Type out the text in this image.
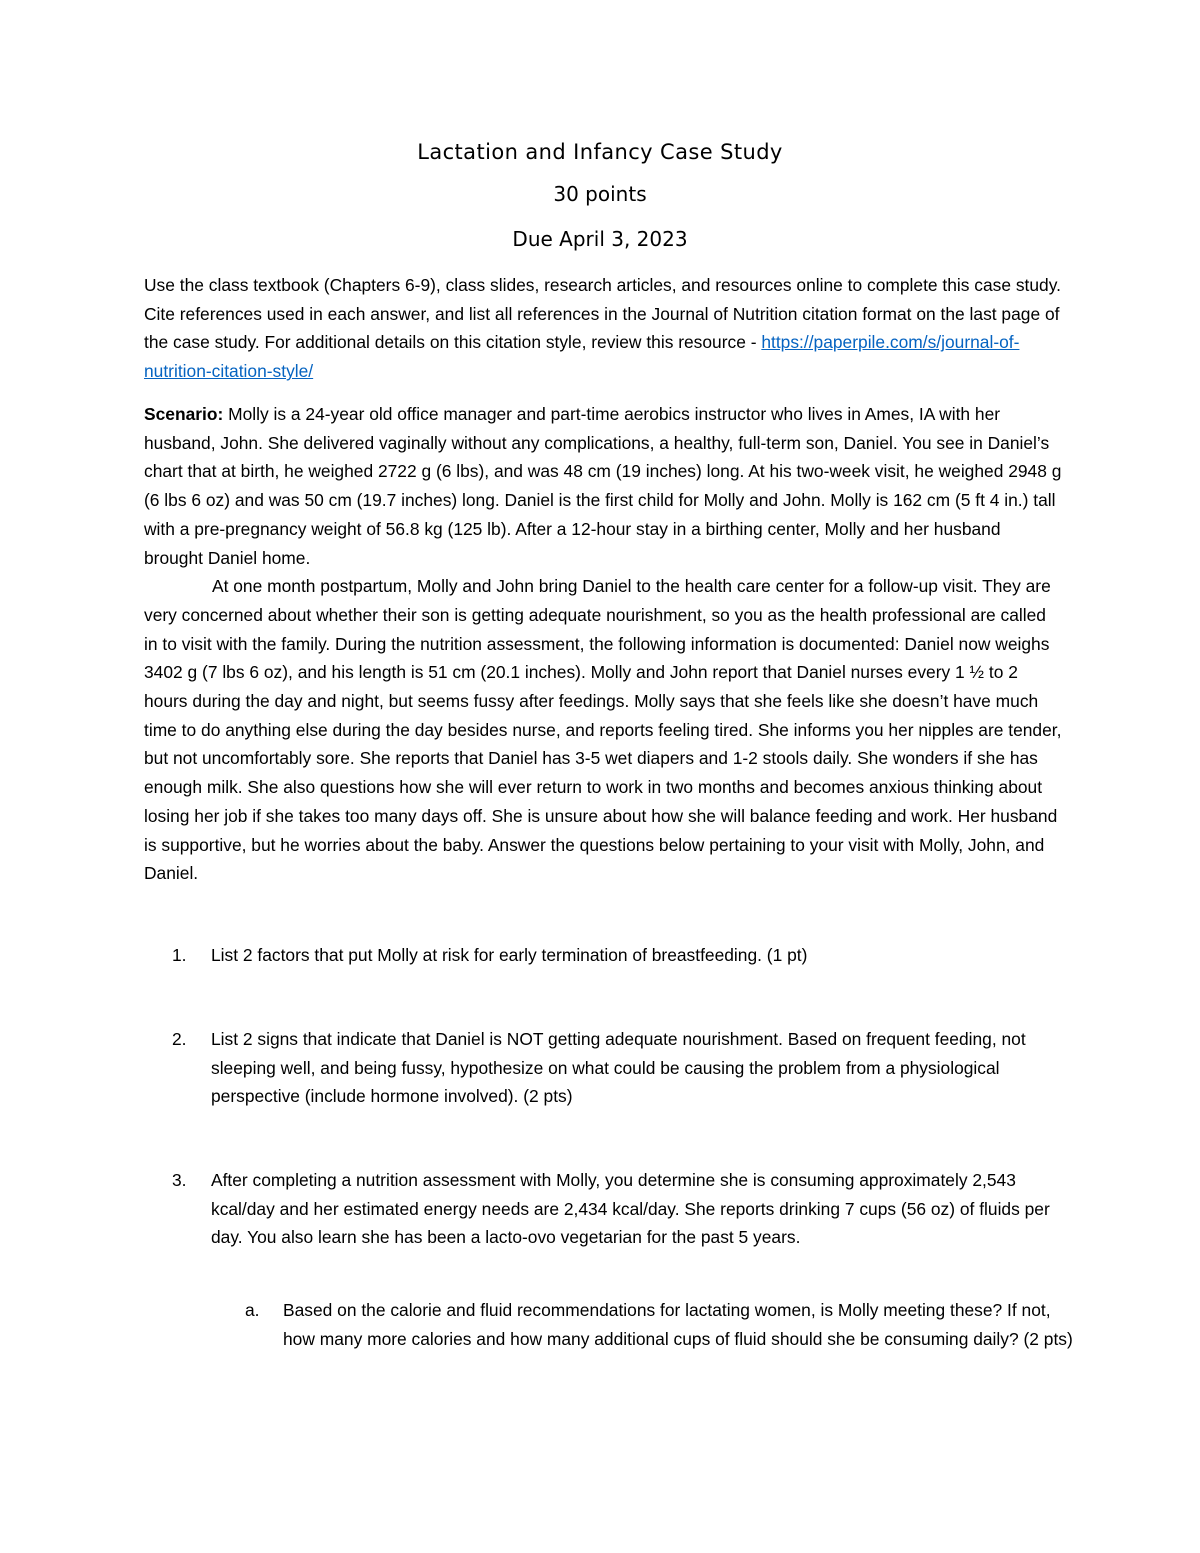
Lactation and Infancy Case Study
30 points
Due April 3, 2023
Use the class textbook (Chapters 6-9), class slides, research articles, and resources online to complete this case study. Cite references used in each answer, and list all references in the Journal of Nutrition citation format on the last page of the case study. For additional details on this citation style, review this resource - https://paperpile.com/s/journal-of-nutrition-citation-style/

Scenario: Molly is a 24-year old office manager and part-time aerobics instructor who lives in Ames, IA with her husband, John. She delivered vaginally without any complications, a healthy, full-term son, Daniel. You see in Daniel’s chart that at birth, he weighed 2722 g (6 lbs), and was 48 cm (19 inches) long. At his two-week visit, he weighed 2948 g (6 lbs 6 oz) and was 50 cm (19.7 inches) long. Daniel is the first child for Molly and John. Molly is 162 cm (5 ft 4 in.) tall with a pre-pregnancy weight of 56.8 kg (125 lb). After a 12-hour stay in a birthing center, Molly and her husband brought Daniel home.

At one month postpartum, Molly and John bring Daniel to the health care center for a follow-up visit. They are very concerned about whether their son is getting adequate nourishment, so you as the health professional are called in to visit with the family. During the nutrition assessment, the following information is documented: Daniel now weighs 3402 g (7 lbs 6 oz), and his length is 51 cm (20.1 inches). Molly and John report that Daniel nurses every 1 ½ to 2 hours during the day and night, but seems fussy after feedings. Molly says that she feels like she doesn’t have much time to do anything else during the day besides nurse, and reports feeling tired. She informs you her nipples are tender, but not uncomfortably sore. She reports that Daniel has 3-5 wet diapers and 1-2 stools daily. She wonders if she has enough milk. She also questions how she will ever return to work in two months and becomes anxious thinking about losing her job if she takes too many days off. She is unsure about how she will balance feeding and work. Her husband is supportive, but he worries about the baby. Answer the questions below pertaining to your visit with Molly, John, and Daniel.

1.	List 2 factors that put Molly at risk for early termination of breastfeeding. (1 pt)
2.	List 2 signs that indicate that Daniel is NOT getting adequate nourishment. Based on frequent feeding, not sleeping well, and being fussy, hypothesize on what could be causing the problem from a physiological perspective (include hormone involved). (2 pts)
3.	After completing a nutrition assessment with Molly, you determine she is consuming approximately 2,543 kcal/day and her estimated energy needs are 2,434 kcal/day. She reports drinking 7 cups (56 oz) of fluids per day. You also learn she has been a lacto-ovo vegetarian for the past 5 years.
a.	Based on the calorie and fluid recommendations for lactating women, is Molly meeting these? If not, how many more calories and how many additional cups of fluid should she be consuming daily? (2 pts)
